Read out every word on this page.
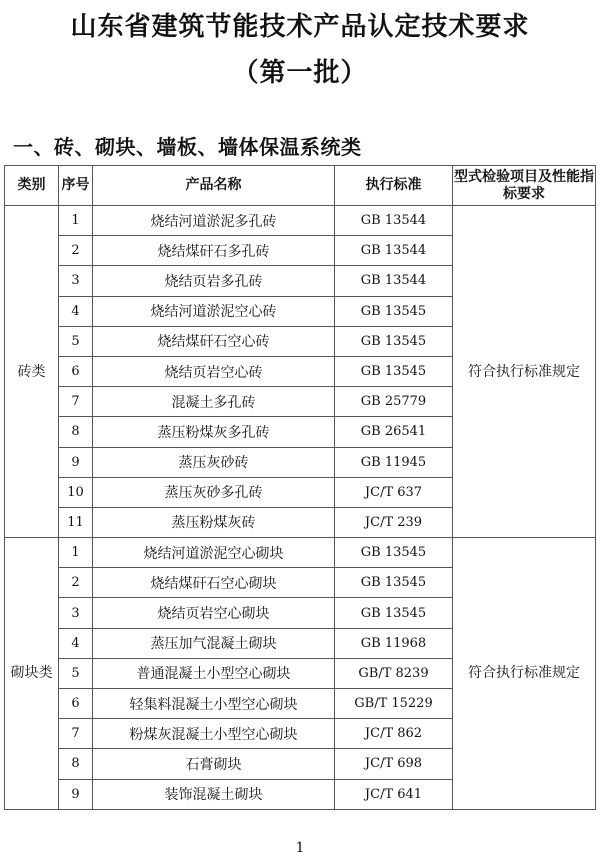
山东省建筑节能技术产品认定技术要求
（第一批）
一、砖、砌块、墙板、墙体保温系统类
类别	序号	产品名称	执行标准	型式检验项目及性能指标要求
砖类	1	烧结河道淤泥多孔砖	GB 13544	符合执行标准规定
	2	烧结煤矸石多孔砖	GB 13544	
	3	烧结页岩多孔砖	GB 13544	
	4	烧结河道淤泥空心砖	GB 13545	
	5	烧结煤矸石空心砖	GB 13545	
	6	烧结页岩空心砖	GB 13545	
	7	混凝土多孔砖	GB 25779	
	8	蒸压粉煤灰多孔砖	GB 26541	
	9	蒸压灰砂砖	GB 11945	
	10	蒸压灰砂多孔砖	JC/T 637	
	11	蒸压粉煤灰砖	JC/T 239	
砌块类	1	烧结河道淤泥空心砌块	GB 13545	符合执行标准规定
	2	烧结煤矸石空心砌块	GB 13545	
	3	烧结页岩空心砌块	GB 13545	
	4	蒸压加气混凝土砌块	GB 11968	
	5	普通混凝土小型空心砌块	GB/T 8239	
	6	轻集料混凝土小型空心砌块	GB/T 15229	
	7	粉煤灰混凝土小型空心砌块	JC/T 862	
	8	石膏砌块	JC/T 698	
	9	装饰混凝土砌块	JC/T 641	
1
